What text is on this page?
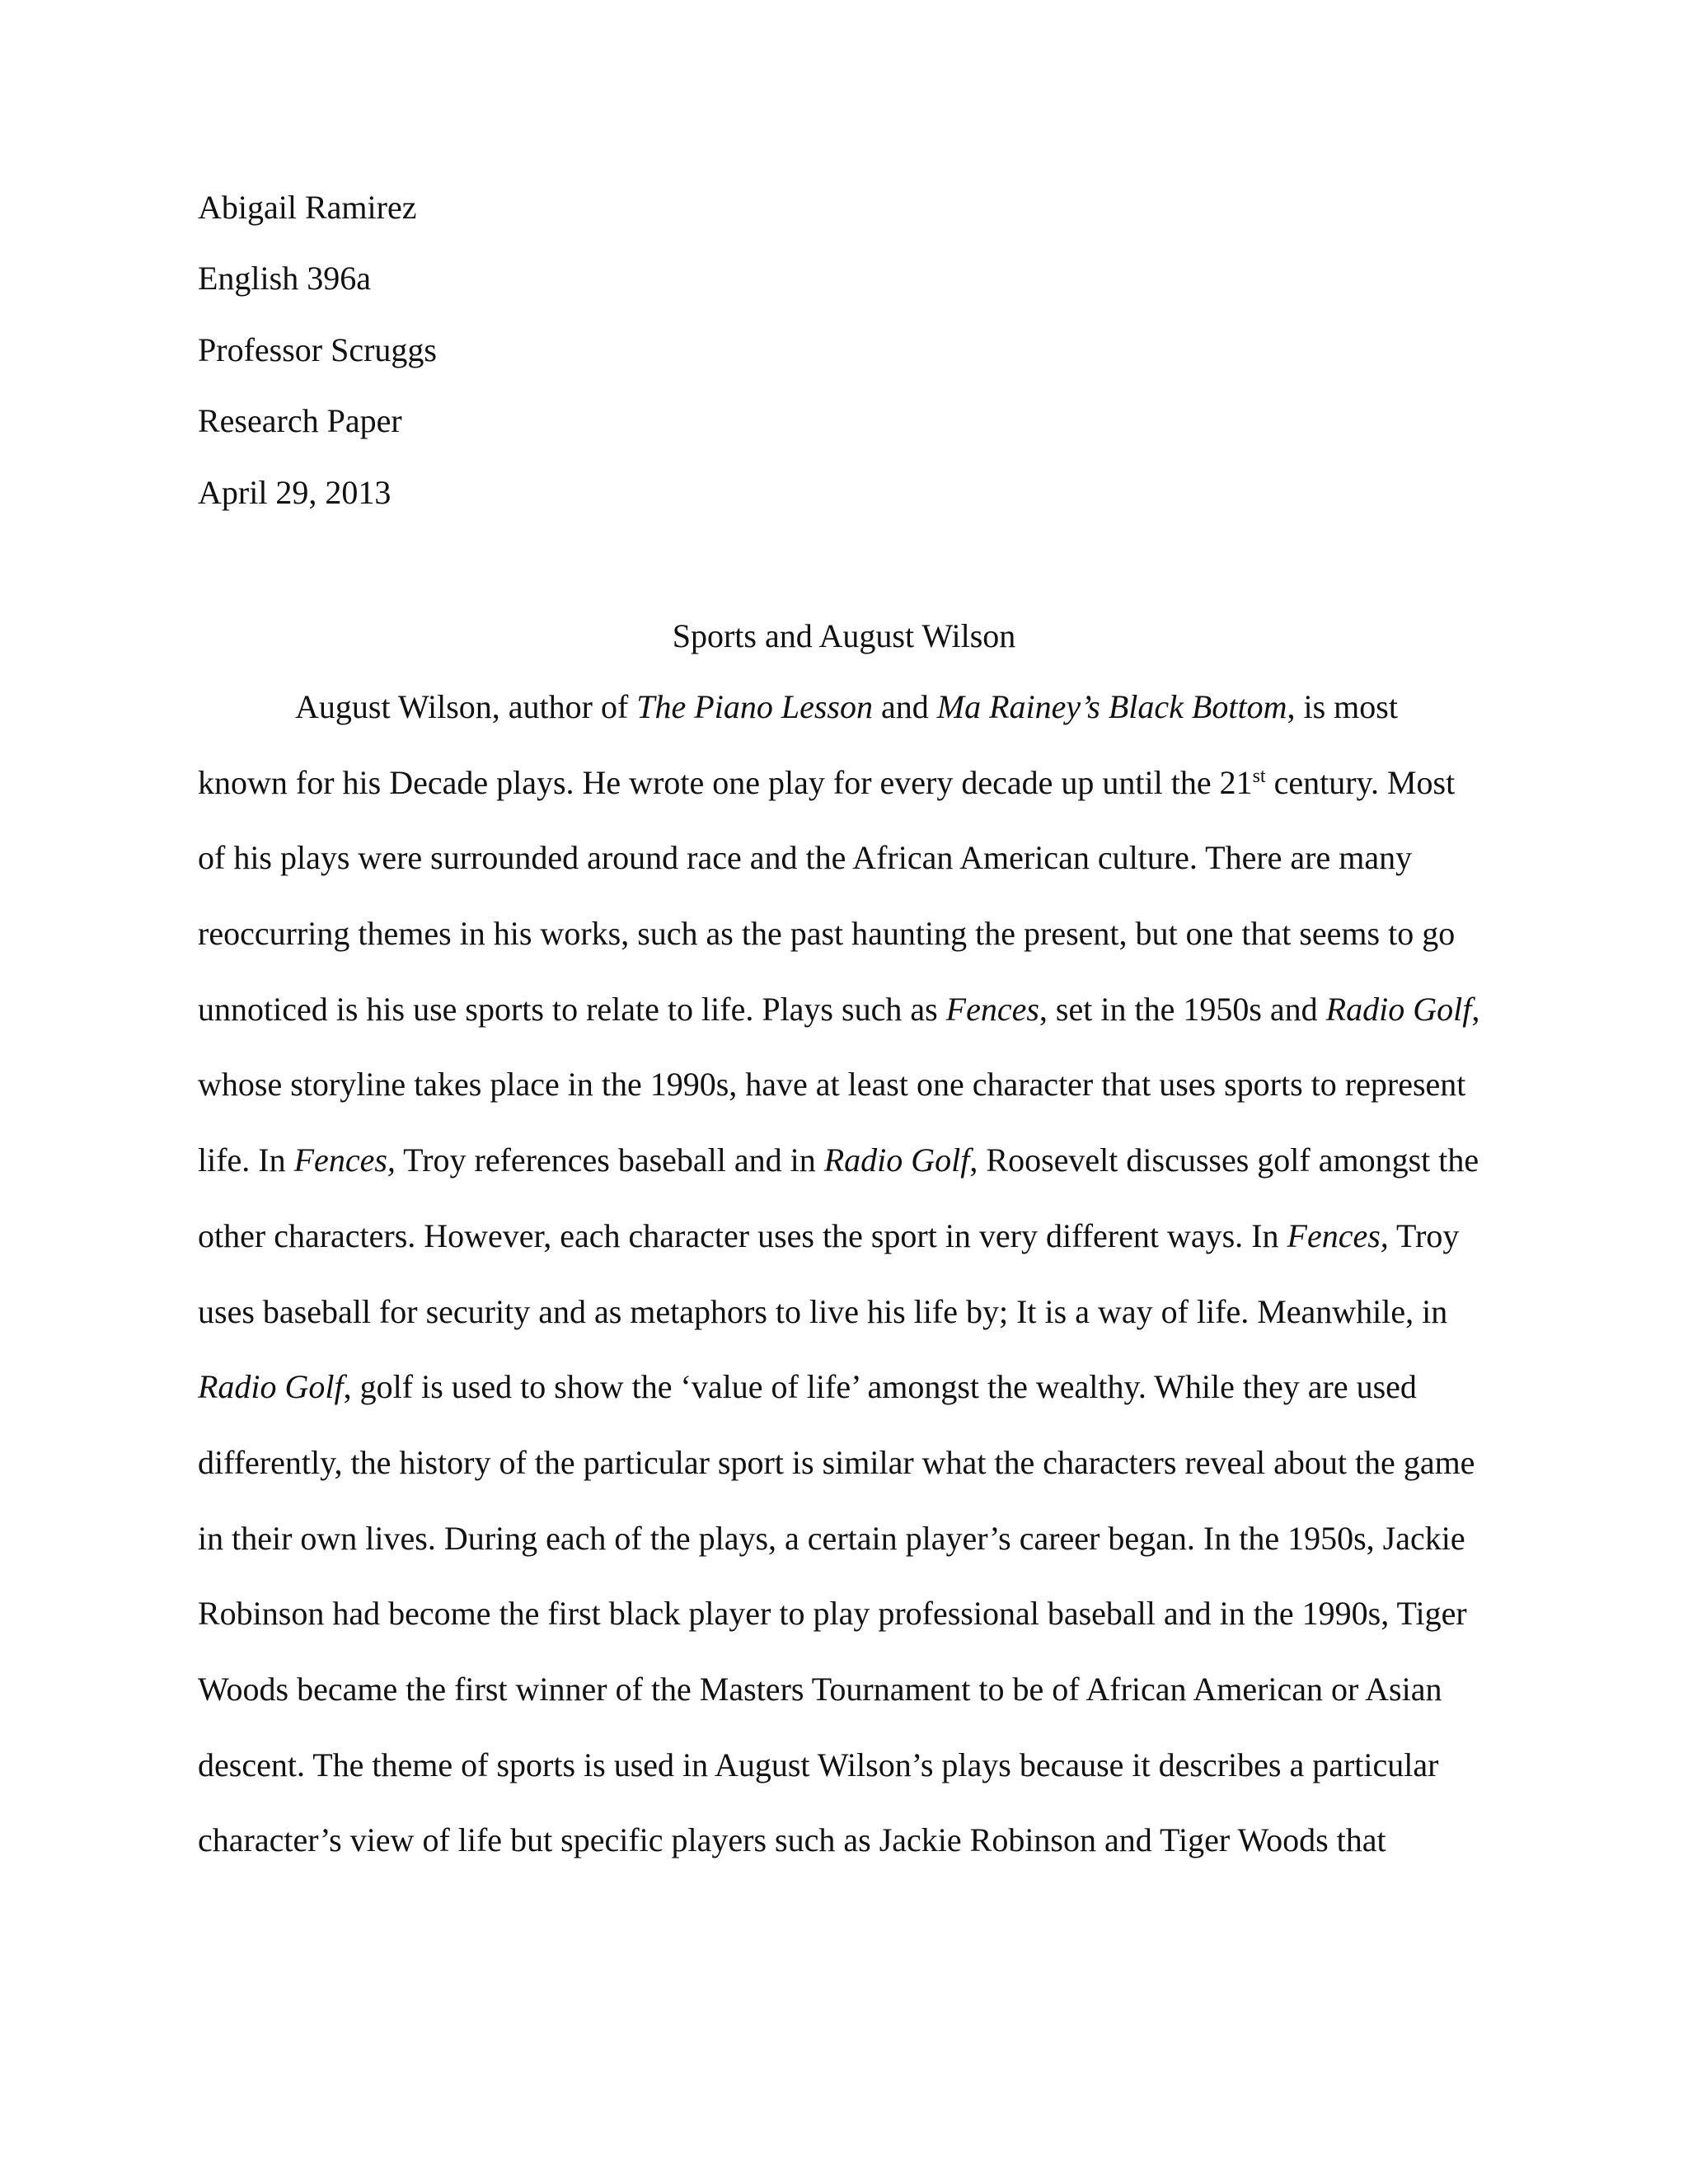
Abigail Ramirez
English 396a
Professor Scruggs
Research Paper
April 29, 2013
Sports and August Wilson
August Wilson, author of The Piano Lesson and Ma Rainey’s Black Bottom, is most
known for his Decade plays. He wrote one play for every decade up until the 21st century. Most
of his plays were surrounded around race and the African American culture. There are many
reoccurring themes in his works, such as the past haunting the present, but one that seems to go
unnoticed is his use sports to relate to life. Plays such as Fences, set in the 1950s and Radio Golf,
whose storyline takes place in the 1990s, have at least one character that uses sports to represent
life. In Fences, Troy references baseball and in Radio Golf, Roosevelt discusses golf amongst the
other characters. However, each character uses the sport in very different ways. In Fences, Troy
uses baseball for security and as metaphors to live his life by; It is a way of life. Meanwhile, in
Radio Golf, golf is used to show the ‘value of life’ amongst the wealthy. While they are used
differently, the history of the particular sport is similar what the characters reveal about the game
in their own lives. During each of the plays, a certain player’s career began. In the 1950s, Jackie
Robinson had become the first black player to play professional baseball and in the 1990s, Tiger
Woods became the first winner of the Masters Tournament to be of African American or Asian
descent. The theme of sports is used in August Wilson’s plays because it describes a particular
character’s view of life but specific players such as Jackie Robinson and Tiger Woods that
